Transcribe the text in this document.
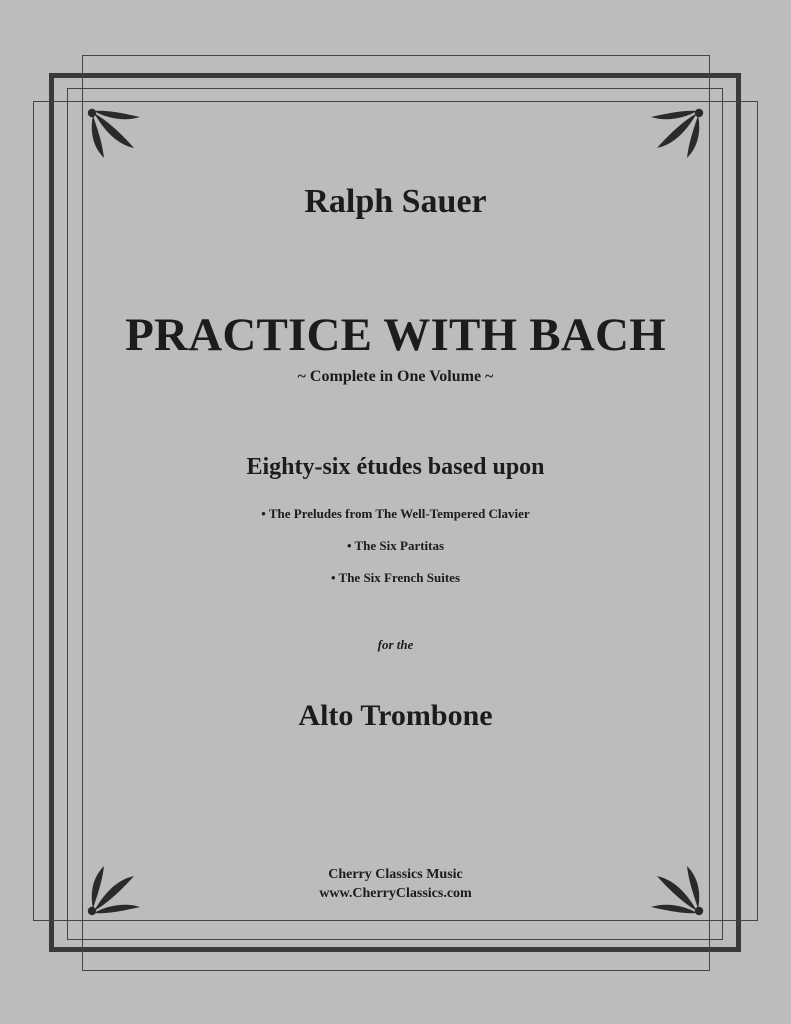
Ralph Sauer
PRACTICE WITH BACH
~ Complete in One Volume ~
Eighty-six études based upon
• The Preludes from The Well-Tempered Clavier
• The Six Partitas
• The Six French Suites
for the
Alto Trombone
Cherry Classics Music
www.CherryClassics.com
